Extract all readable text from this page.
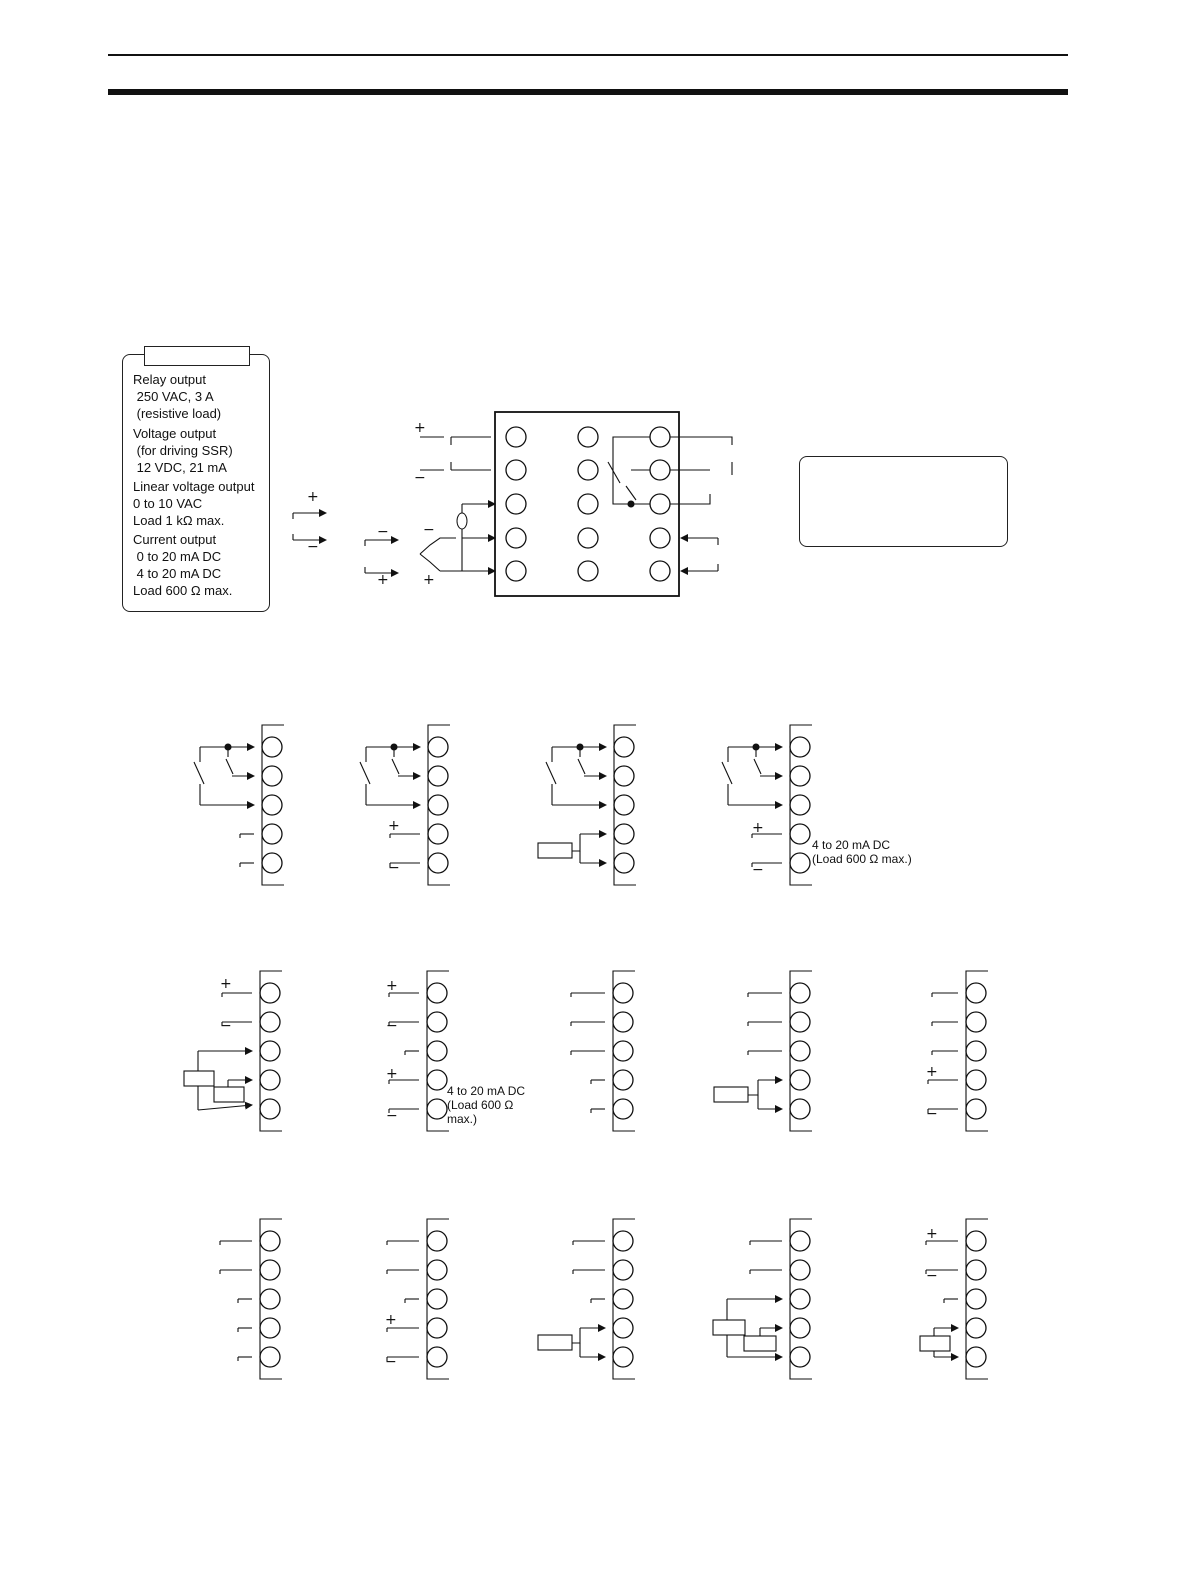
Relay output
250 VAC, 3 A
(resistive load)
Voltage output
(for driving SSR)
12 VDC, 21 mA
Linear voltage output
0 to 10 VAC
Load 1 kΩ max.
Current output
0 to 20 mA DC
4 to 20 mA DC
Load 600 Ω max.
+
−
−
+
−
+
+
−
+
−
+
−
+
−
+
−
+
−
+
−
+
−
+
−
4 to 20 mA DC
(Load 600 Ω max.)
4 to 20 mA DC
(Load 600 Ω
max.)
